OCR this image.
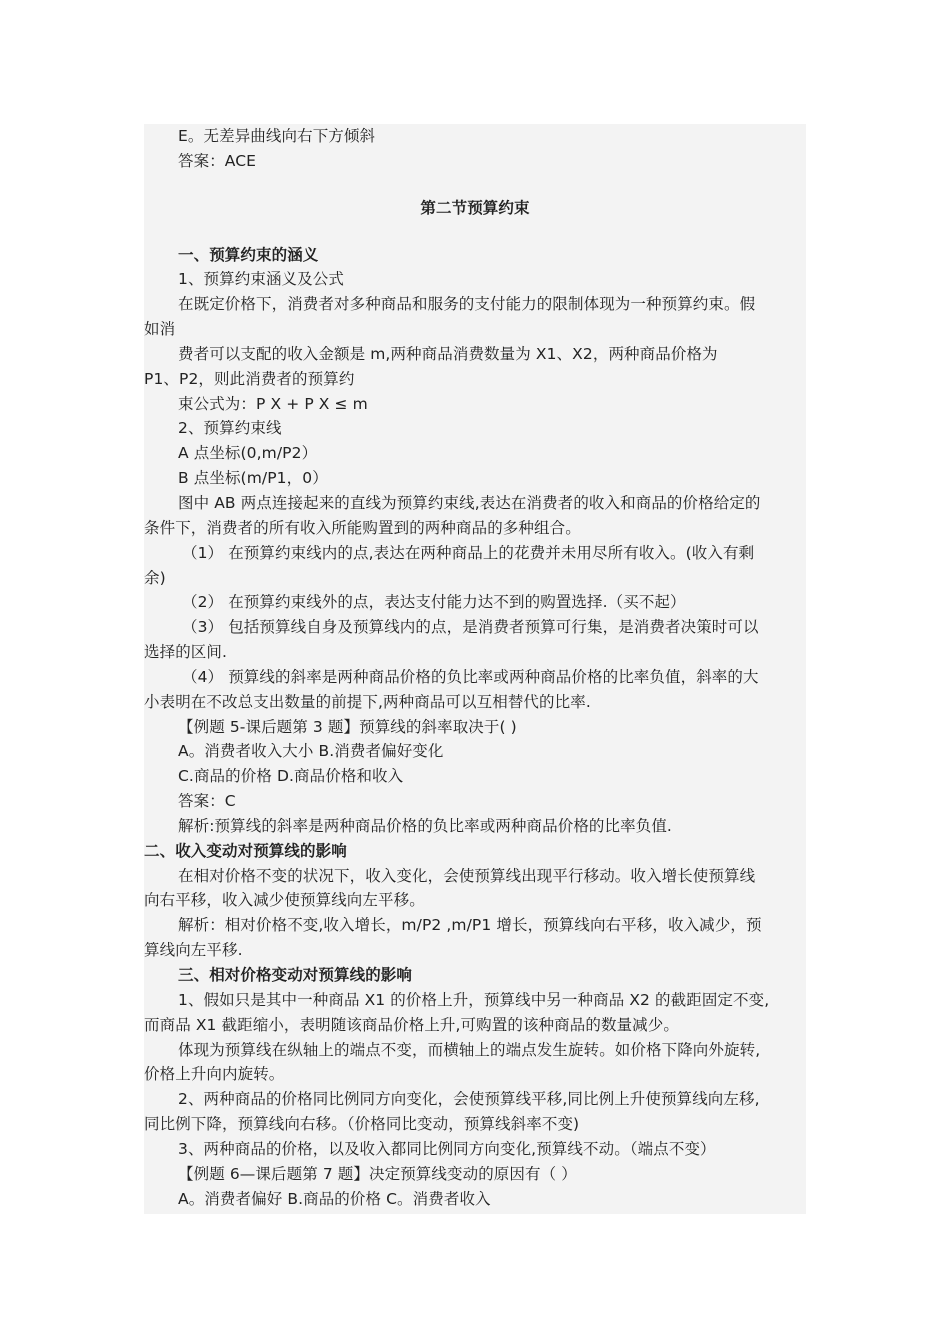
E。无差异曲线向右下方倾斜
答案：ACE
第二节预算约束
一、预算约束的涵义
1、预算约束涵义及公式
在既定价格下，消费者对多种商品和服务的支付能力的限制体现为一种预算约束。假
如消
费者可以支配的收入金额是 m,两种商品消费数量为 X1、X2，两种商品价格为
P1、P2，则此消费者的预算约
束公式为：P X + P X ≤ m
2、预算约束线
A 点坐标(0,m/P2）
B 点坐标(m/P1，0）
图中 AB 两点连接起来的直线为预算约束线,表达在消费者的收入和商品的价格给定的
条件下，消费者的所有收入所能购置到的两种商品的多种组合。
（1） 在预算约束线内的点,表达在两种商品上的花费并未用尽所有收入。(收入有剩
余)
（2） 在预算约束线外的点，表达支付能力达不到的购置选择.（买不起）
（3） 包括预算线自身及预算线内的点，是消费者预算可行集，是消费者决策时可以
选择的区间.
（4） 预算线的斜率是两种商品价格的负比率或两种商品价格的比率负值，斜率的大
小表明在不改总支出数量的前提下,两种商品可以互相替代的比率.
【例题 5-课后题第 3 题】预算线的斜率取决于( )
A。消费者收入大小 B.消费者偏好变化
C.商品的价格 D.商品价格和收入
答案：C
解析:预算线的斜率是两种商品价格的负比率或两种商品价格的比率负值.
二、收入变动对预算线的影响
在相对价格不变的状况下，收入变化，会使预算线出现平行移动。收入增长使预算线
向右平移，收入减少使预算线向左平移。
解析：相对价格不变,收入增长，m/P2 ,m/P1 增长，预算线向右平移，收入减少，预
算线向左平移.
三、相对价格变动对预算线的影响
1、假如只是其中一种商品 X1 的价格上升，预算线中另一种商品 X2 的截距固定不变,
而商品 X1 截距缩小，表明随该商品价格上升,可购置的该种商品的数量减少。
体现为预算线在纵轴上的端点不变，而横轴上的端点发生旋转。如价格下降向外旋转,
价格上升向内旋转。
2、两种商品的价格同比例同方向变化，会使预算线平移,同比例上升使预算线向左移,
同比例下降，预算线向右移。（价格同比变动，预算线斜率不变)
3、两种商品的价格，以及收入都同比例同方向变化,预算线不动。（端点不变）
【例题 6—课后题第 7 题】决定预算线变动的原因有（ ）
A。消费者偏好 B.商品的价格 C。消费者收入
